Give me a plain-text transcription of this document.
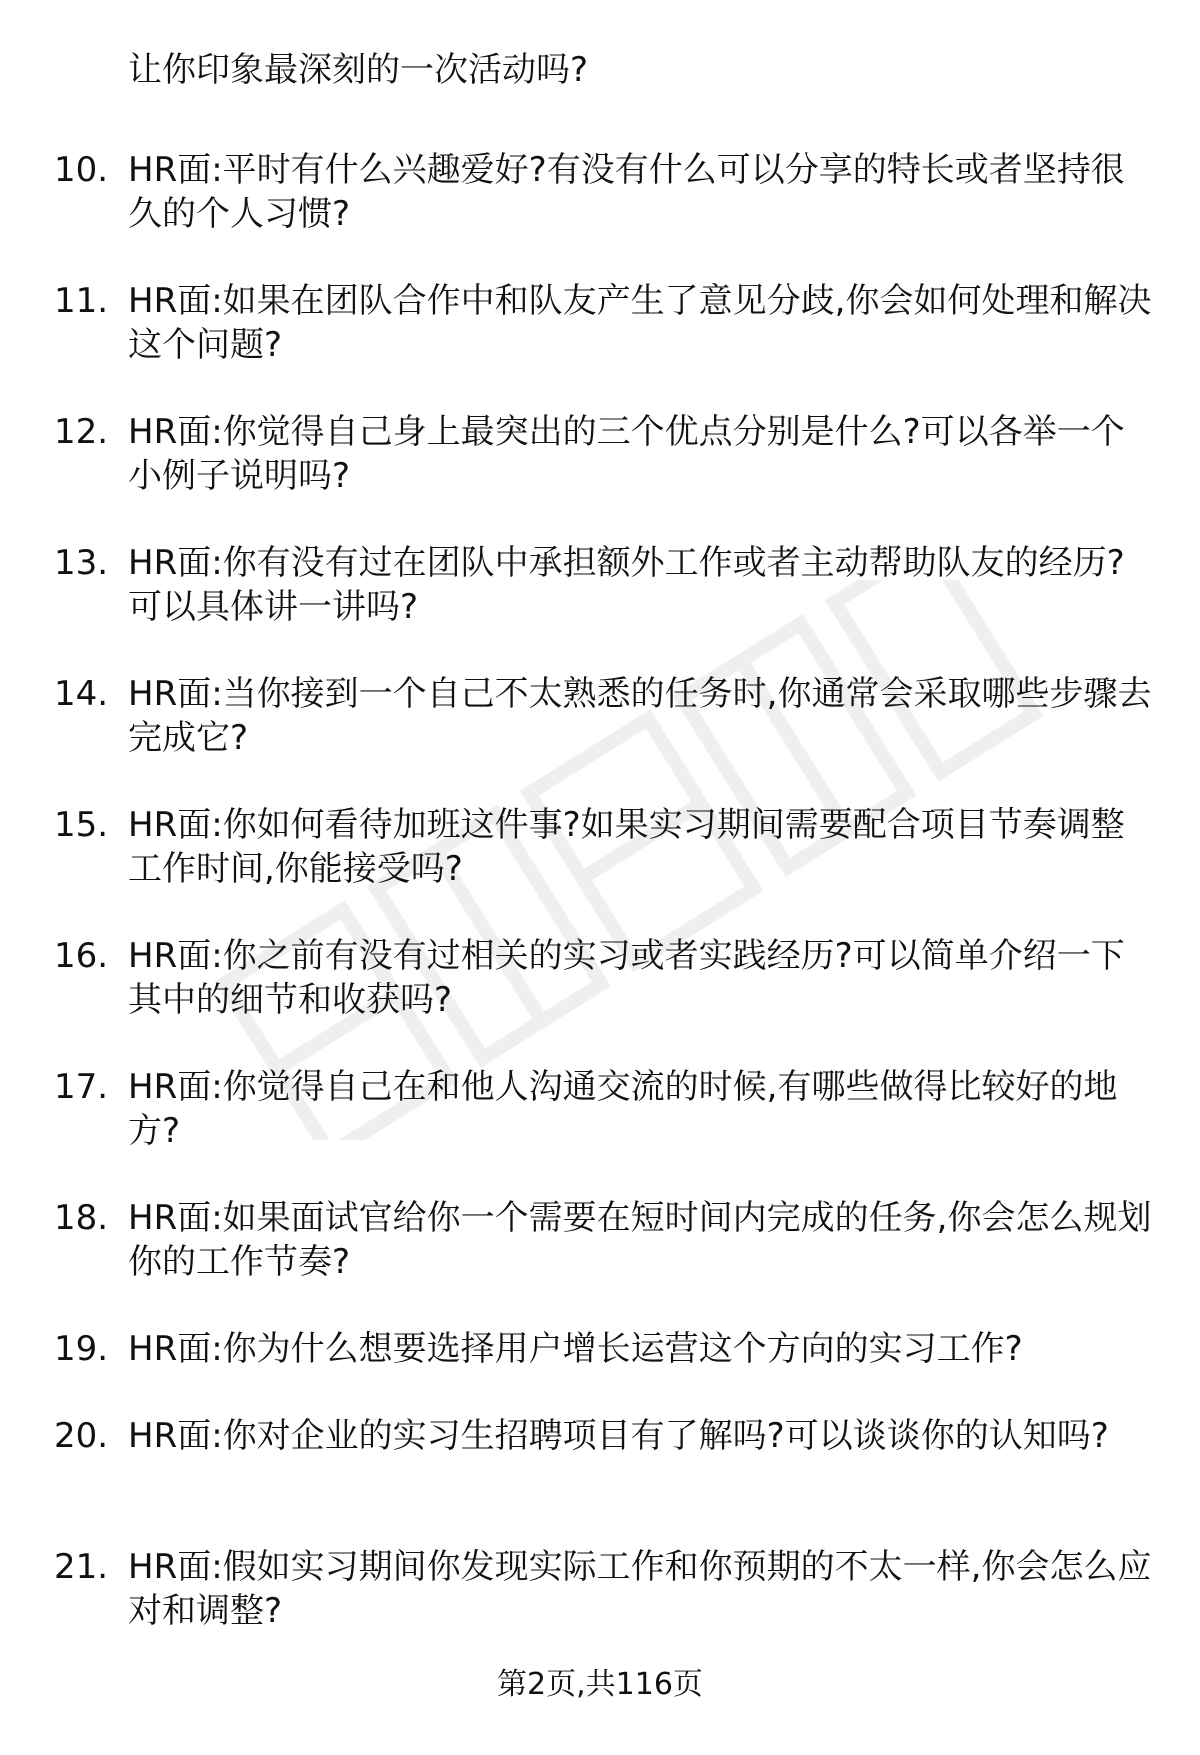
让你印象最深刻的一次活动吗?
10. HR面:平时有什么兴趣爱好?有没有什么可以分享的特长或者坚持很久的个人习惯?
11. HR面:如果在团队合作中和队友产生了意见分歧,你会如何处理和解决这个问题?
12. HR面:你觉得自己身上最突出的三个优点分别是什么?可以各举一个小例子说明吗?
13. HR面:你有没有过在团队中承担额外工作或者主动帮助队友的经历?可以具体讲一讲吗?
14. HR面:当你接到一个自己不太熟悉的任务时,你通常会采取哪些步骤去完成它?
15. HR面:你如何看待加班这件事?如果实习期间需要配合项目节奏调整工作时间,你能接受吗?
16. HR面:你之前有没有过相关的实习或者实践经历?可以简单介绍一下其中的细节和收获吗?
17. HR面:你觉得自己在和他人沟通交流的时候,有哪些做得比较好的地方?
18. HR面:如果面试官给你一个需要在短时间内完成的任务,你会怎么规划你的工作节奏?
19. HR面:你为什么想要选择用户增长运营这个方向的实习工作?
20. HR面:你对企业的实习生招聘项目有了解吗?可以谈谈你的认知吗?
21. HR面:假如实习期间你发现实际工作和你预期的不太一样,你会怎么应对和调整?
第2页,共116页
